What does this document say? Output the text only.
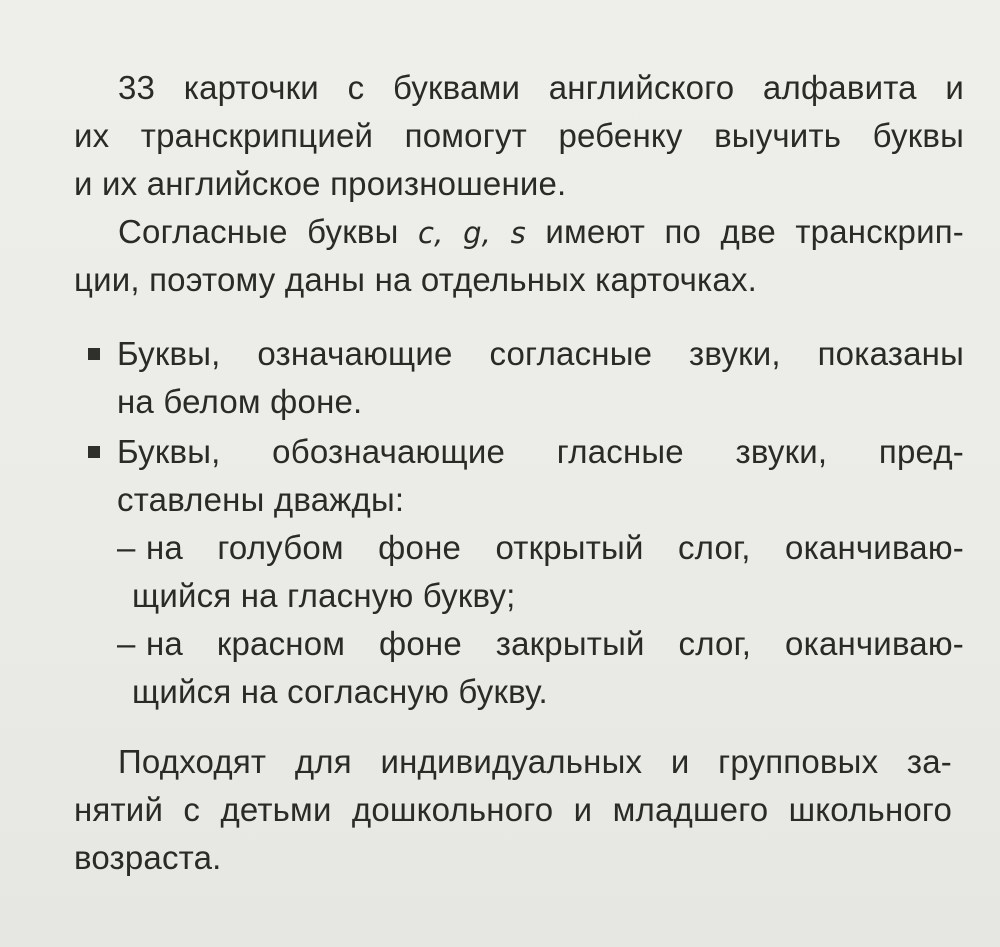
33 карточки с буквами английского алфавита и
их транскрипцией помогут ребенку выучить буквы
и их английское произношение.
Согласные буквы c, g, s имеют по две транскрип-
ции, поэтому даны на отдельных карточках.
Буквы, означающие согласные звуки, показаны
на белом фоне.
Буквы, обозначающие гласные звуки, пред-
ставлены дважды:
– на голубом фоне открытый слог, оканчиваю-
щийся на гласную букву;
– на красном фоне закрытый слог, оканчиваю-
щийся на согласную букву.
Подходят для индивидуальных и групповых за-
нятий с детьми дошкольного и младшего школьного
возраста.
